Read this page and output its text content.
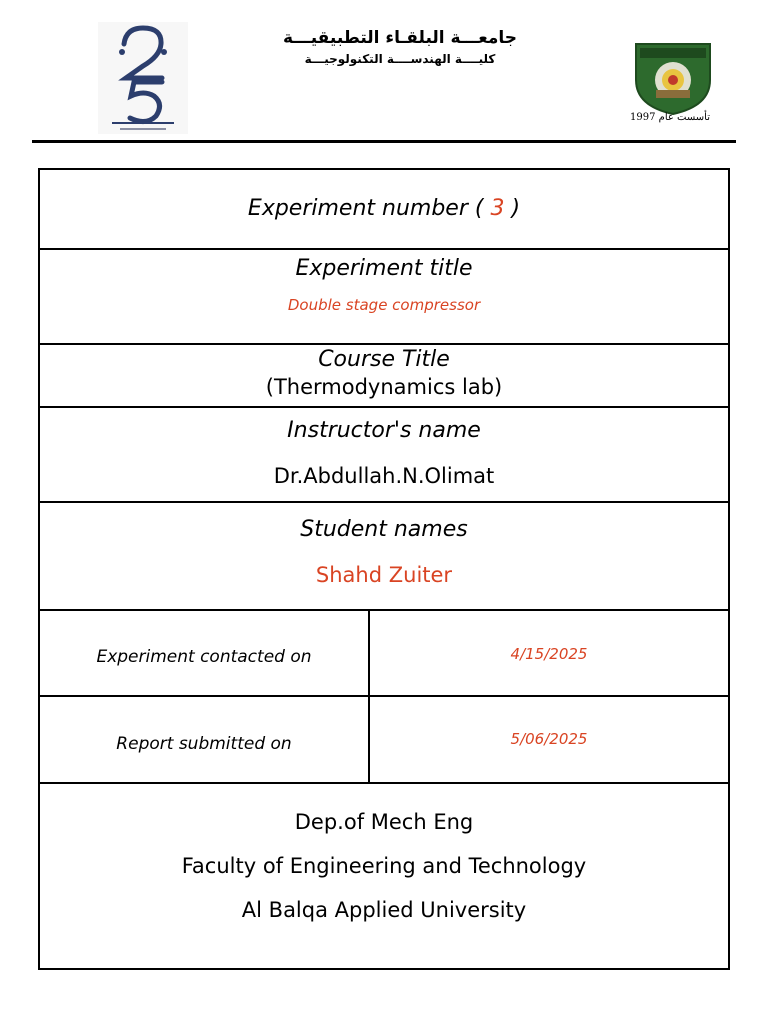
جامعـــة البلقـاء التطبيقيـــة
كليــــة الهندســــة التكنولوجيـــة
تأسست عام 1997
Experiment number ( 3 )
Experiment title
Double stage compressor
Course Title
(Thermodynamics lab)
Instructor's name
Dr.Abdullah.N.Olimat
Student names
Shahd Zuiter
Experiment contacted on	4/15/2025
Report submitted on	5/06/2025
Dep.of Mech Eng
Faculty of Engineering and Technology
Al Balqa Applied University
